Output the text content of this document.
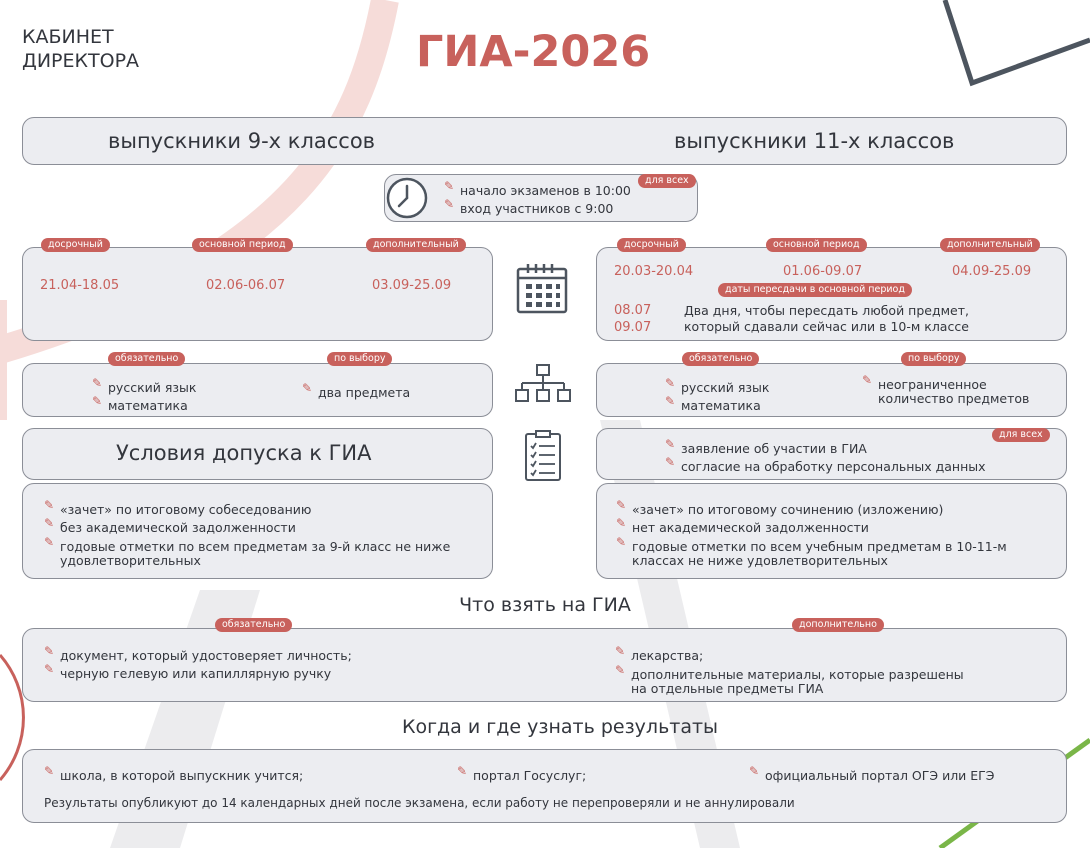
КАБИНЕТ
ДИРЕКТОРА	ГИА-2026
выпускники 9-х классов	выпускники 11-х классов
для всех
✎ начало экзаменов в 10:00
✎ вход участников с 9:00
досрочный	основной период	дополнительный
21.04-18.05	02.06-06.07	03.09-25.09
досрочный	основной период	дополнительный
20.03-20.04	01.06-09.07	04.09-25.09
даты пересдачи в основной период
08.07
09.07
Два дня, чтобы пересдать любой предмет,
который сдавали сейчас или в 10-м классе
обязательно	по выбору
✎ русский язык
✎ математика
✎ два предмета
обязательно	по выбору
✎ русский язык
✎ математика
✎ неограниченное
количество предметов
Условия допуска к ГИА
для всех
✎ заявление об участии в ГИА
✎ согласие на обработку персональных данных
✎ «зачет» по итоговому собеседованию
✎ без академической задолженности
✎ годовые отметки по всем предметам за 9-й класс не ниже
удовлетворительных
✎ «зачет» по итоговому сочинению (изложению)
✎ нет академической задолженности
✎ годовые отметки по всем учебным предметам в 10-11-м
классах не ниже удовлетворительных
Что взять на ГИА
обязательно	дополнительно
✎ документ, который удостоверяет личность;
✎ черную гелевую или капиллярную ручку
✎ лекарства;
✎ дополнительные материалы, которые разрешены
на отдельные предметы ГИА
Когда и где узнать результаты
✎ школа, в которой выпускник учится;	✎ портал Госуслуг;	✎ официальный портал ОГЭ или ЕГЭ
Результаты опубликуют до 14 календарных дней после экзамена, если работу не перепроверяли и не аннулировали
